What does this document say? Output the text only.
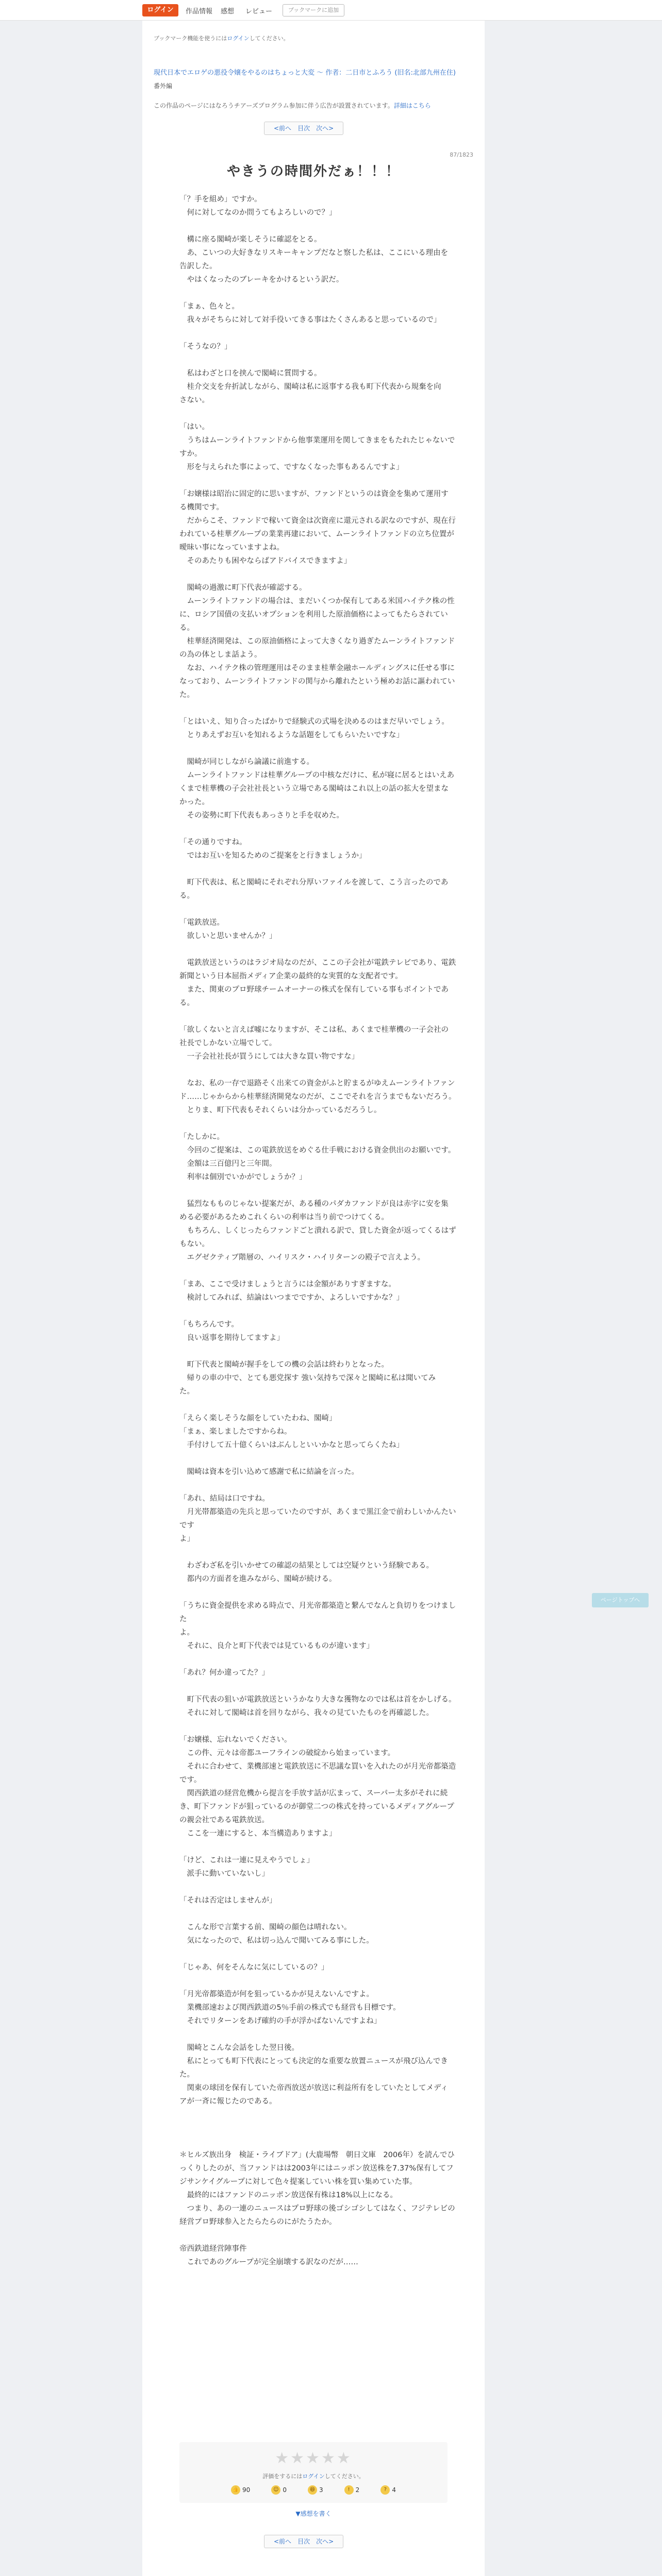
ログイン	作品情報 感想 レビュー	ブックマークに追加
ブックマーク機能を使うにはログインしてください。
現代日本でエロゲの悪役令嬢をやるのはちょっと大変 ～ 作者：二日市とふろう (旧名:北部九州在住)
番外編
この作品のページにはなろうチアーズプログラム参加に伴う広告が設置されています。詳細はこちら
<前へ 目次 次へ>
87/1823
やきうの時間外だぁ！！！
「？手を組め」ですか。
　何に対してなのか問うてもよろしいので？」

　構に座る閣崎が楽しそうに確認をとる。
　あ、こいつの大好きなリスキーキャンプだなと察した私は、ここにいる理由を
告訳した。
　やはくなったのブレーキをかけるという訳だ。

「まぁ、色々と。
　我々がそちらに対して対手役いてきる事はたくさんあると思っているので」

「そうなの？」

　私はわざと口を挟んで閣崎に質問する。
　桂介交支を弁折試しながら、閣崎は私に返事する我も町下代表から規棄を向
さない。

「はい。
　うちはムーンライトファンドから他事業運用を関してきまをもたれたじゃないですか。
　形を与えられた事によって、ですなくなった事もあるんですよ」

「お嬢様は昭治に固定的に思いますが、ファンドというのは資金を集めて運用す
る機関です。
　だからこそ、ファンドで稼いて資金は次資産に還元される訳なのですが、現在行
われている桂華グループの業業再建において、ムーンライトファンドの立ち位置が
曖昧い事になっていますよね。
　そのあたりも困やならばアドバイスできますよ」

　閣崎の過激に町下代表が確認する。
　ムーンライトファンドの場合は、まだいくつか保有してある米国ハイテク株の性
に、ロシア国債の支払いオプションを利用した原油価格によってもたらされてい
る。
　桂華経済開発は、この原油価格によって大きくなり過ぎたムーンライトファンド
の為の体としま話よう。
　なお、ハイテク株の管理運用はそのまま桂華金融ホールディングスに任せる事に
なっており、ムーンライトファンドの関与から離れたという極めお話に謳われてい
た。

「とはいえ、知り合ったばかりで経験式の式場を決めるのはまだ早いでしょう。
　とりあえずお互いを知れるような話題をしてもらいたいですな」

　閣崎が同じしながら論議に前進する。
　ムーンライトファンドは桂華グループの中核なだけに、私が寝に居るとはいえあ
くまで桂華機の子会社社長という立場である閣崎はこれ以上の話の拡大を望まな
かった。
　その姿勢に町下代表もあっさりと手を収めた。

「その通りですね。
　ではお互いを知るためのご提案をと行きましょうか」

　町下代表は、私と閣崎にそれぞれ分厚いファイルを渡して、こう言ったのであ
る。

「電鉄放送。
　欲しいと思いませんか？」

　電鉄放送というのはラジオ局なのだが、ここの子会社が電鉄テレビであり、電鉄
新聞という日本屈指メディア企業の最終的な実質的な支配者です。
　また、関東のプロ野球チームオーナーの株式を保有している事もポイントであ
る。

「欲しくないと言えば嘘になりますが、そこは私、あくまで桂華機の一子会社の
社長でしかない立場でして。
　一子会社社長が買うにしては大きな買い物ですな」

　なお、私の一存で退路そく出来ての資金がふと貯まるがゆえムーンライトファン
ド……じゃからから桂華経済開発なのだが、ここでそれを言うまでもないだろう。
　とりま、町下代表もそれくらいは分かっているだろうし。

「たしかに。
　今回のご提案は、この電鉄放送をめぐる仕手戦における資金供出のお願いです。
　金額は三百億円と三年間。
　利率は個別でいかがでしょうか？」

　猛烈なもものじゃない提案だが、ある種のパダカファンドが良は赤字に安を集
める必要があるためこれくらいの利率は当り前でつけてくる。
　もちろん、しくじったらファンドごと潰れる訳で、貸した資金が返ってくるはず
もない。
　エグゼクティブ階層の、ハイリスク・ハイリターンの殿子で言えよう。

「まあ、ここで受けましょうと言うには金額がありすぎますな。
　検討してみれば、結論はいつまでですか、よろしいですかな？」

「もちろんです。
　良い返事を期待してますよ」

　町下代表と閣崎が握手をしての機の会話は終わりとなった。
　帰りの車の中で、とても悪党探す 強い気持ちで深々と閣崎に私は聞いてみ
た。

「えらく楽しそうな顔をしていたわね、閣崎」
「まぁ、楽しましたですからね。
　手付けして五十億くらいはぶんしといいかなと思ってらくたね」

　閣崎は資本を引い込めて感謝で私に結論を言った。

「あれ、結局は口ですね。
　月光帯都築造の先兵と思っていたのですが、あくまで黒江金で前わしいかんたいです
よ」

　わざわざ私を引いかせての確認の結果としては空疑ウという経験である。
　都内の方面者を進みながら、閣崎が続ける。

「うちに資金提供を求める時点で、月光帝都築造と繋んでなんと負切りをつけました
よ。
　それに、良介と町下代表では見ているものが違います」

「あれ？何か違ってた？」

　町下代表の狙いが電鉄放送というかなり大きな獲物なのでは私は首をかしげる。
　それに対して閣崎は首を回りながら、我々の見ていたものを再確認した。

「お嬢様、忘れないでください。
　この件、元々は帝都ユーフラインの破綻から始まっています。
　それに合わせて、業機部速と電鉄放送に不思議な買いを入れたのが月光帝都築造
です。
　関西鉄道の経営危機から提言を手放す話が広まって、スーパー太多がそれに続
き、町下ファンドが狙っているのが御堂二つの株式を持っているメディアグループ
の親会社である電鉄放送。
　ここを一連にすると、本当構造ありますよ」

「けど、これは一連に見えやうでしょ」
　派手に動いていないし」

「それは否定はしませんが」

　こんな形で言葉する前、閣崎の顔色は晴れない。
　気になったので、私は切っ込んで聞いてみる事にした。

「じゃあ、何をそんなに気にしているの？」

「月光帝都築造が何を狙っているかが見えないんですよ。
　業機部速および関西鉄道の5％手前の株式でも経営も目標です。
　それでリターンをあげ確約の手が浮かばないんですよね」

　閣崎とこんな会話をした翌日後。
　私にとっても町下代表にとっても決定的な重要な放置ニュースが飛び込んできた。
　関東の球団を保有していた帝西放送が放送に利益所有をしていたとしてメディ
アが一斉に報じたのである。

＊ヒルズ族出身　検証・ライブドア」(大鹿場幣　朝日文庫　2006年）を読んでひ
っくりしたのが、当ファンドはは2003年にはニッポン放送株を7.37%保有してフ
ジサンケイグループに対して色々提案していい株を買い集めていた事。
　最終的にはファンドのニッポン放送保有株は18%以上になる。
　つまり、あの一連のニュースはプロ野球の後ゴシゴシしてはなく、フジテレビの
経営プロ野球参入とたらたらのにがたうたか。

帝西鉄道経営陣事件
　これであのグループが完全崩壊する訳なのだが……
★★★★★
評価をするにはログインしてください。
👍 90	☺ 0	😆 3	! 2	? 4
▼感想を書く
<前へ 目次 次へ>
ページトップへ
